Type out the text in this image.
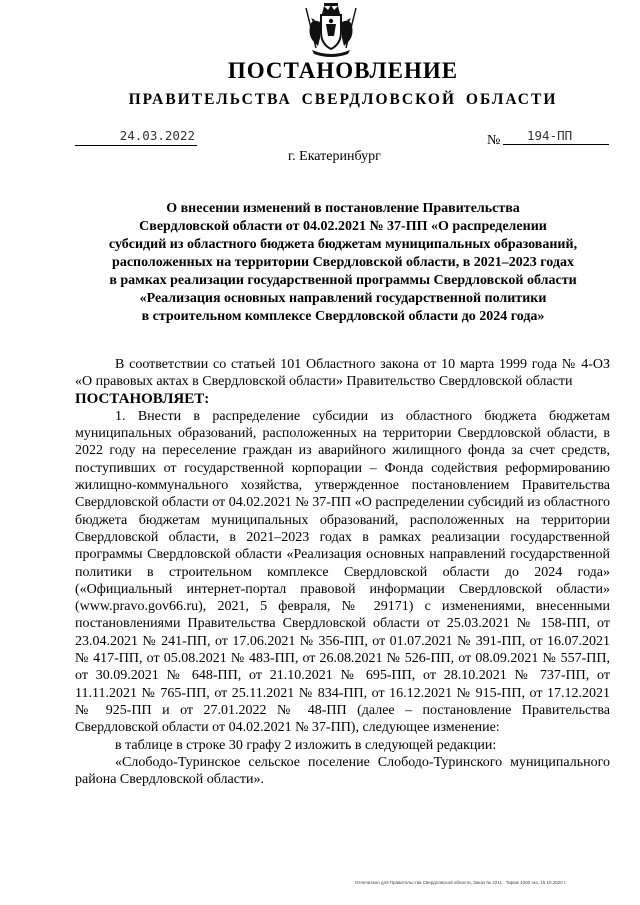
ПОСТАНОВЛЕНИЕ
ПРАВИТЕЛЬСТВА СВЕРДЛОВСКОЙ ОБЛАСТИ
24.03.2022	№	194-ПП
г. Екатеринбург
О внесении изменений в постановление Правительства
Свердловской области от 04.02.2021 № 37-ПП «О распределении
субсидий из областного бюджета бюджетам муниципальных образований,
расположенных на территории Свердловской области, в 2021–2023 годах
в рамках реализации государственной программы Свердловской области
«Реализация основных направлений государственной политики
в строительном комплексе Свердловской области до 2024 года»

В соответствии со статьей 101 Областного закона от 10 марта 1999 года № 4-ОЗ «О правовых актах в Свердловской области» Правительство Свердловской области

ПОСТАНОВЛЯЕТ:

1. Внести в распределение субсидии из областного бюджета бюджетам муниципальных образований, расположенных на территории Свердловской области, в 2022 году на переселение граждан из аварийного жилищного фонда за счет средств, поступивших от государственной корпорации – Фонда содействия реформированию жилищно-коммунального хозяйства, утвержденное постановлением Правительства Свердловской области от 04.02.2021 № 37-ПП «О распределении субсидий из областного бюджета бюджетам муниципальных образований, расположенных на территории Свердловской области, в 2021–2023 годах в рамках реализации государственной программы Свердловской области «Реализация основных направлений государственной политики в строительном комплексе Свердловской области до 2024 года» («Официальный интернет-портал правовой информации Свердловской области» (www.pravo.gov66.ru), 2021, 5 февраля, № 29171) с изменениями, внесенными постановлениями Правительства Свердловской области от 25.03.2021 № 158-ПП, от 23.04.2021 № 241-ПП, от 17.06.2021 № 356-ПП, от 01.07.2021 № 391-ПП, от 16.07.2021 № 417-ПП, от 05.08.2021 № 483-ПП, от 26.08.2021 № 526-ПП, от 08.09.2021 № 557-ПП, от 30.09.2021 № 648-ПП, от 21.10.2021 № 695-ПП, от 28.10.2021 № 737-ПП, от 11.11.2021 № 765-ПП, от 25.11.2021 № 834-ПП, от 16.12.2021 № 915-ПП, от 17.12.2021 № 925-ПП и от 27.01.2022 № 48-ПП (далее – постановление Правительства Свердловской области от 04.02.2021 № 37-ПП), следующее изменение:

в таблице в строке 30 графу 2 изложить в следующей редакции:

«Слободо-Туринское сельское поселение Слободо-Туринского муниципального района Свердловской области».

Отпечатано для Правительства Свердловской области, Заказ № 4211 , Тираж 1000 экз, 16.10.2020 г.
